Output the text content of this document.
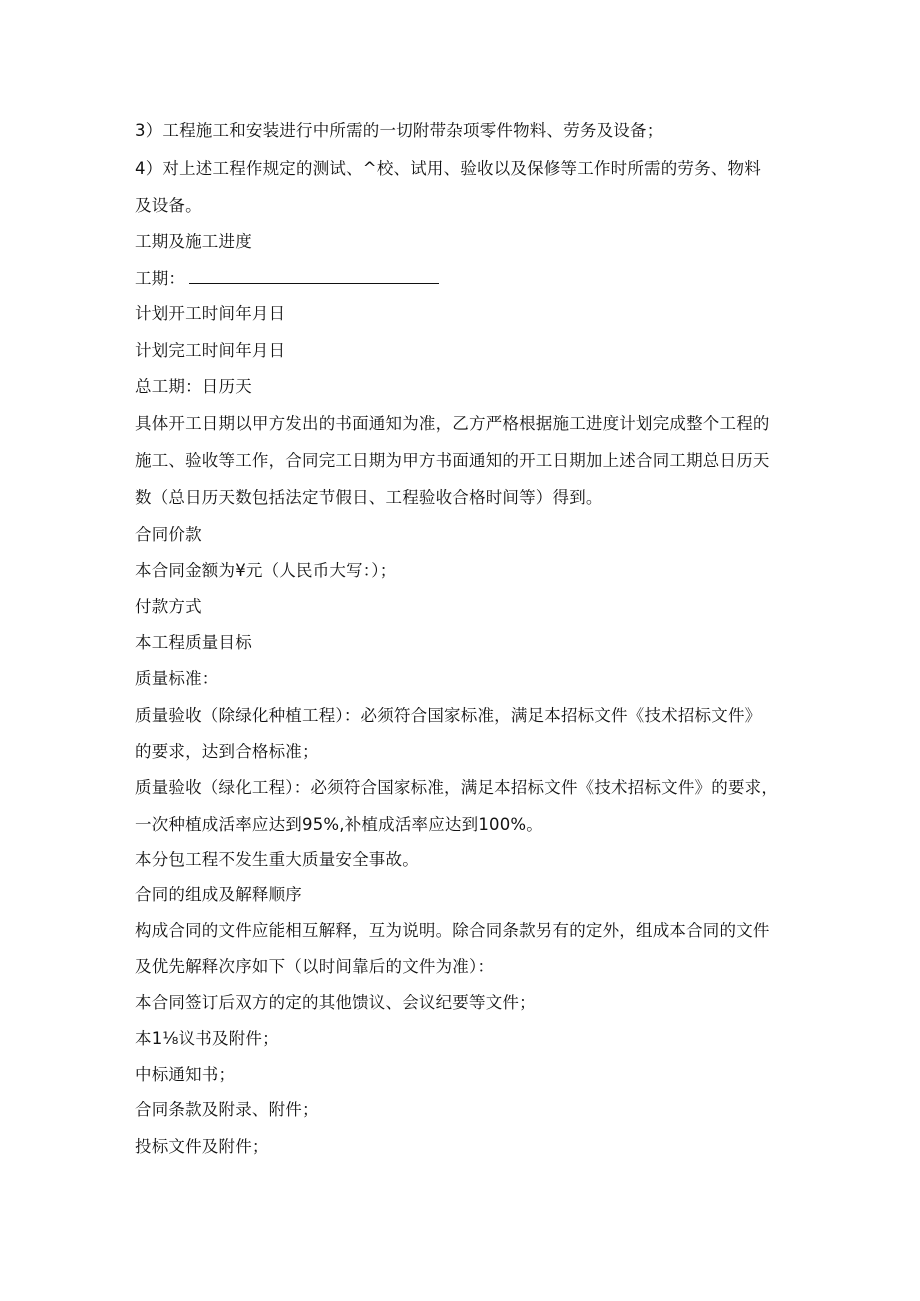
3）工程施工和安装进行中所需的一切附带杂项零件物料、劳务及设备；
4）对上述工程作规定的测试、^校、试用、验收以及保修等工作时所需的劳务、物料
及设备。
工期及施工进度
工期：
计划开工时间年月日
计划完工时间年月日
总工期：日历天
具体开工日期以甲方发出的书面通知为准，乙方严格根据施工进度计划完成整个工程的
施工、验收等工作，合同完工日期为甲方书面通知的开工日期加上述合同工期总日历天
数（总日历天数包括法定节假日、工程验收合格时间等）得到。
合同价款
本合同金额为¥元（人民币大写：）；
付款方式
本工程质量目标
质量标准：
质量验收（除绿化种植工程）：必须符合国家标准，满足本招标文件《技术招标文件》
的要求，达到合格标准；
质量验收（绿化工程）：必须符合国家标准，满足本招标文件《技术招标文件》的要求，
一次种植成活率应达到95%,补植成活率应达到100%。
本分包工程不发生重大质量安全事故。
合同的组成及解释顺序
构成合同的文件应能相互解释，互为说明。除合同条款另有的定外，组成本合同的文件
及优先解释次序如下（以时间靠后的文件为准）：
本合同签订后双方的定的其他馈议、会议纪要等文件；
本1⅛议书及附件；
中标通知书；
合同条款及附录、附件；
投标文件及附件；
